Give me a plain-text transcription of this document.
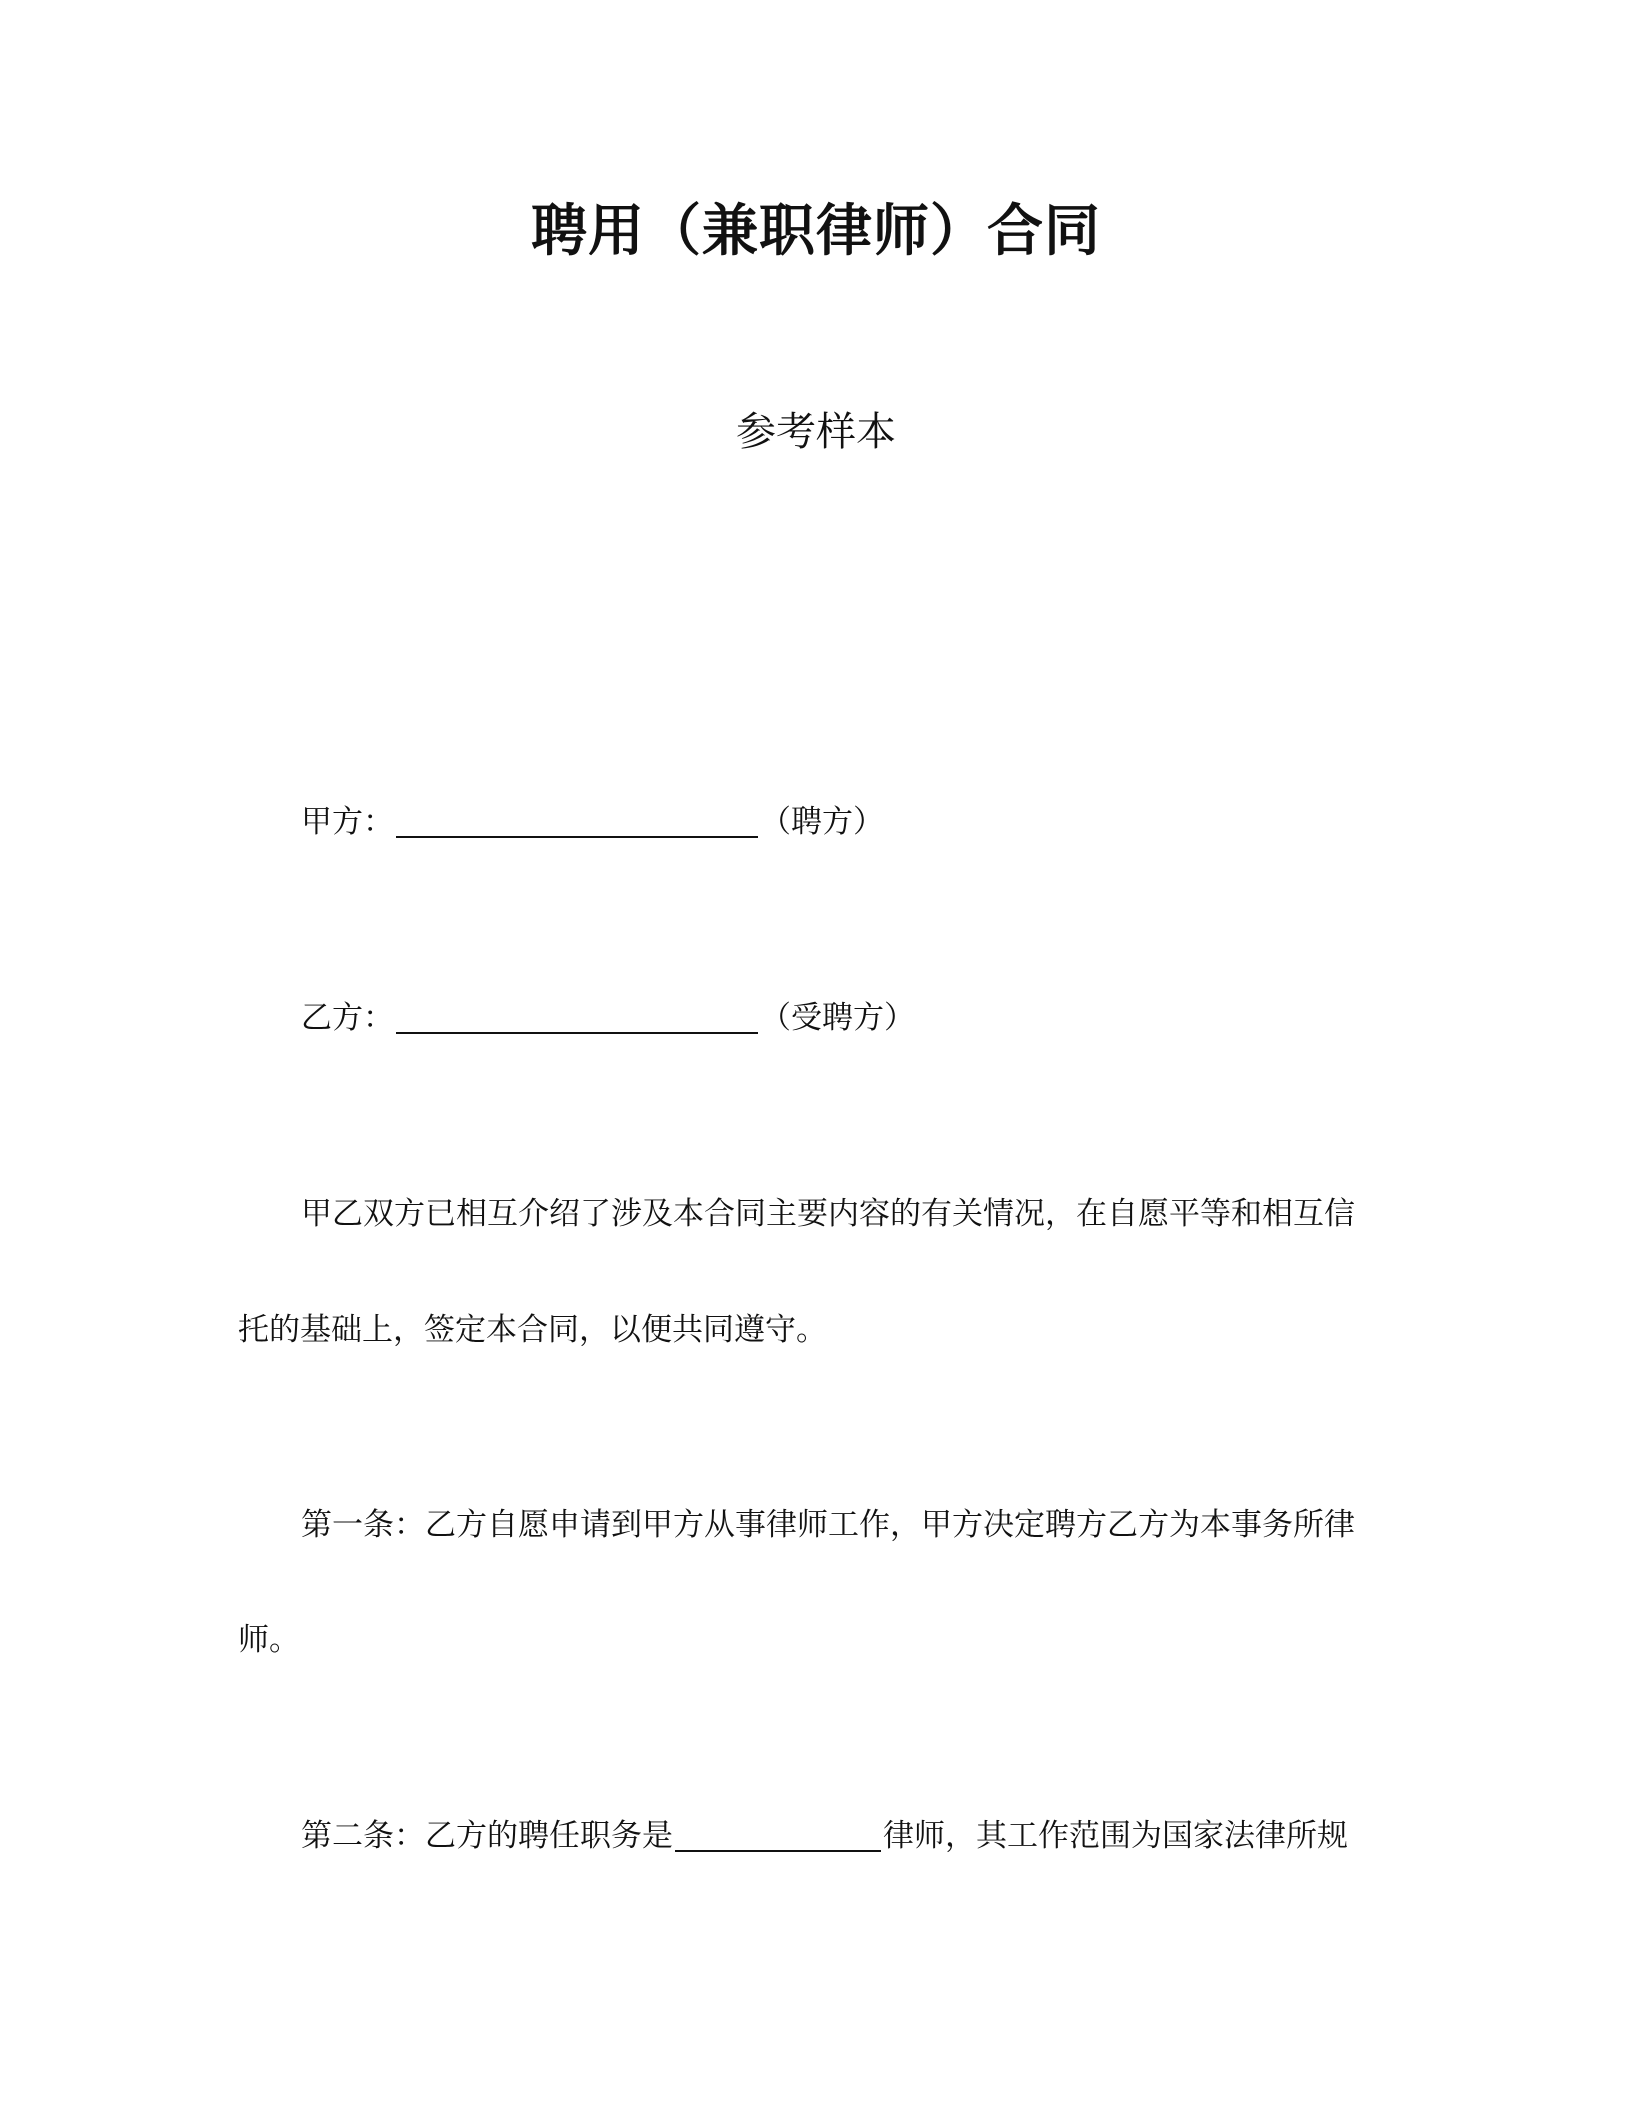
聘用（兼职律师）合同
参考样本
甲方：	（聘方）
乙方：	（受聘方）
甲乙双方已相互介绍了涉及本合同主要内容的有关情况，在自愿平等和相互信
托的基础上，签定本合同，以便共同遵守。
第一条：乙方自愿申请到甲方从事律师工作，甲方决定聘方乙方为本事务所律
师。
第二条：乙方的聘任职务是	律师，其工作范围为国家法律所规
